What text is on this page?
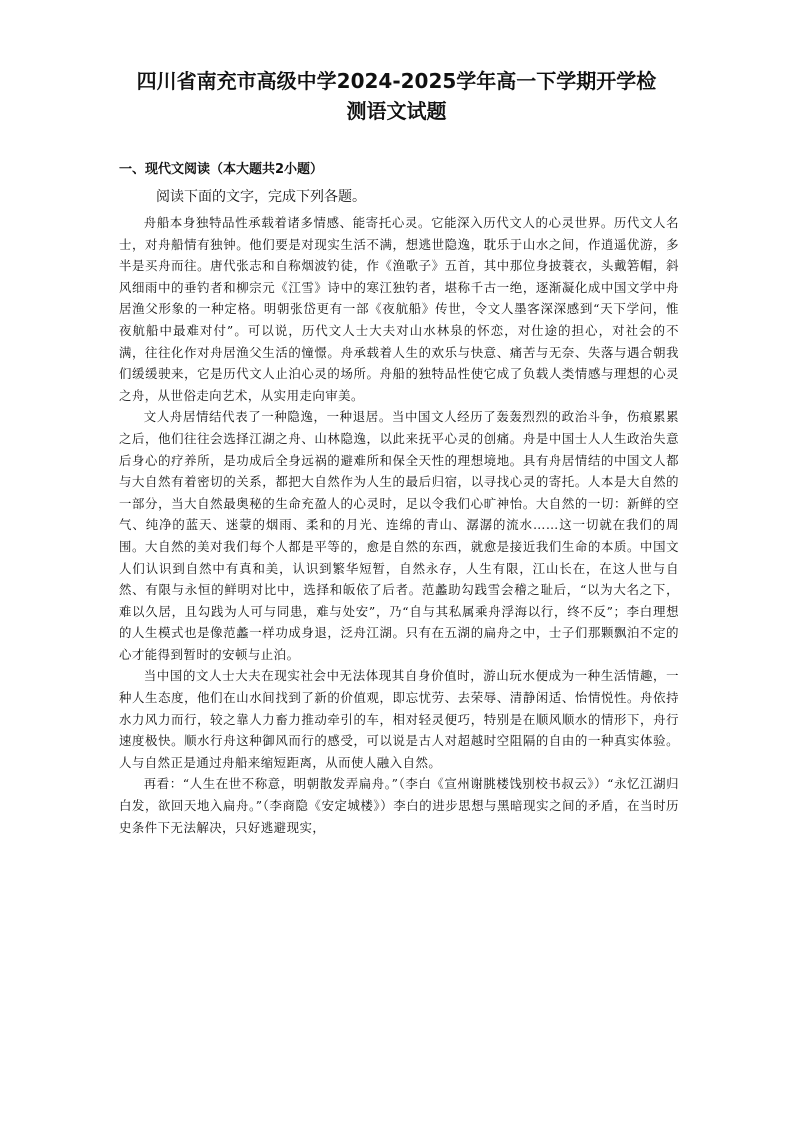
四川省南充市高级中学2024-2025学年高一下学期开学检
测语文试题
一、现代文阅读（本大题共2小题）

阅读下面的文字，完成下列各题。

舟船本身独特品性承载着诸多情感、能寄托心灵。它能深入历代文人的心灵世界。历代文人名士，对舟船情有独钟。他们要是对现实生活不满，想逃世隐逸，耽乐于山水之间，作逍遥优游，多半是买舟而往。唐代张志和自称烟波钓徒，作《渔歌子》五首，其中那位身披蓑衣，头戴箬帽，斜风细雨中的垂钓者和柳宗元《江雪》诗中的寒江独钓者，堪称千古一绝，逐渐凝化成中国文学中舟居渔父形象的一种定格。明朝张岱更有一部《夜航船》传世，令文人墨客深深感到“天下学问，惟夜航船中最难对付”。可以说，历代文人士大夫对山水林泉的怀恋，对仕途的担心，对社会的不满，往往化作对舟居渔父生活的憧憬。舟承载着人生的欢乐与快意、痛苦与无奈、失落与遇合朝我们缓缓驶来，它是历代文人止泊心灵的场所。舟船的独特品性使它成了负载人类情感与理想的心灵之舟，从世俗走向艺术，从实用走向审美。

文人舟居情结代表了一种隐逸，一种退居。当中国文人经历了轰轰烈烈的政治斗争，伤痕累累之后，他们往往会选择江湖之舟、山林隐逸，以此来抚平心灵的创痛。舟是中国士人人生政治失意后身心的疗养所，是功成后全身远祸的避难所和保全天性的理想境地。具有舟居情结的中国文人都与大自然有着密切的关系，都把大自然作为人生的最后归宿，以寻找心灵的寄托。人本是大自然的一部分，当大自然最奥秘的生命充盈人的心灵时，足以令我们心旷神怡。大自然的一切：新鲜的空气、纯净的蓝天、迷蒙的烟雨、柔和的月光、连绵的青山、潺潺的流水……这一切就在我们的周围。大自然的美对我们每个人都是平等的，愈是自然的东西，就愈是接近我们生命的本质。中国文人们认识到自然中有真和美，认识到繁华短暂，自然永存，人生有限，江山长在，在这人世与自然、有限与永恒的鲜明对比中，选择和皈依了后者。范蠡助勾践雪会稽之耻后，“以为大名之下，难以久居，且勾践为人可与同患，难与处安”，乃“自与其私属乘舟浮海以行，终不反”；李白理想的人生模式也是像范蠡一样功成身退，泛舟江湖。只有在五湖的扁舟之中，士子们那颗飘泊不定的心才能得到暂时的安顿与止泊。

当中国的文人士大夫在现实社会中无法体现其自身价值时，游山玩水便成为一种生活情趣，一种人生态度，他们在山水间找到了新的价值观，即忘忧劳、去荣辱、清静闲适、怡情悦性。舟依持水力风力而行，较之靠人力畜力推动牵引的车，相对轻灵便巧，特别是在顺风顺水的情形下，舟行速度极快。顺水行舟这种御风而行的感受，可以说是古人对超越时空阻隔的自由的一种真实体验。人与自然正是通过舟船来缩短距离，从而使人融入自然。

再看：“人生在世不称意，明朝散发弄扁舟。”（李白《宣州谢朓楼饯别校书叔云》）“永忆江湖归白发，欲回天地入扁舟。”（李商隐《安定城楼》）李白的进步思想与黑暗现实之间的矛盾，在当时历史条件下无法解决，只好逃避现实，
